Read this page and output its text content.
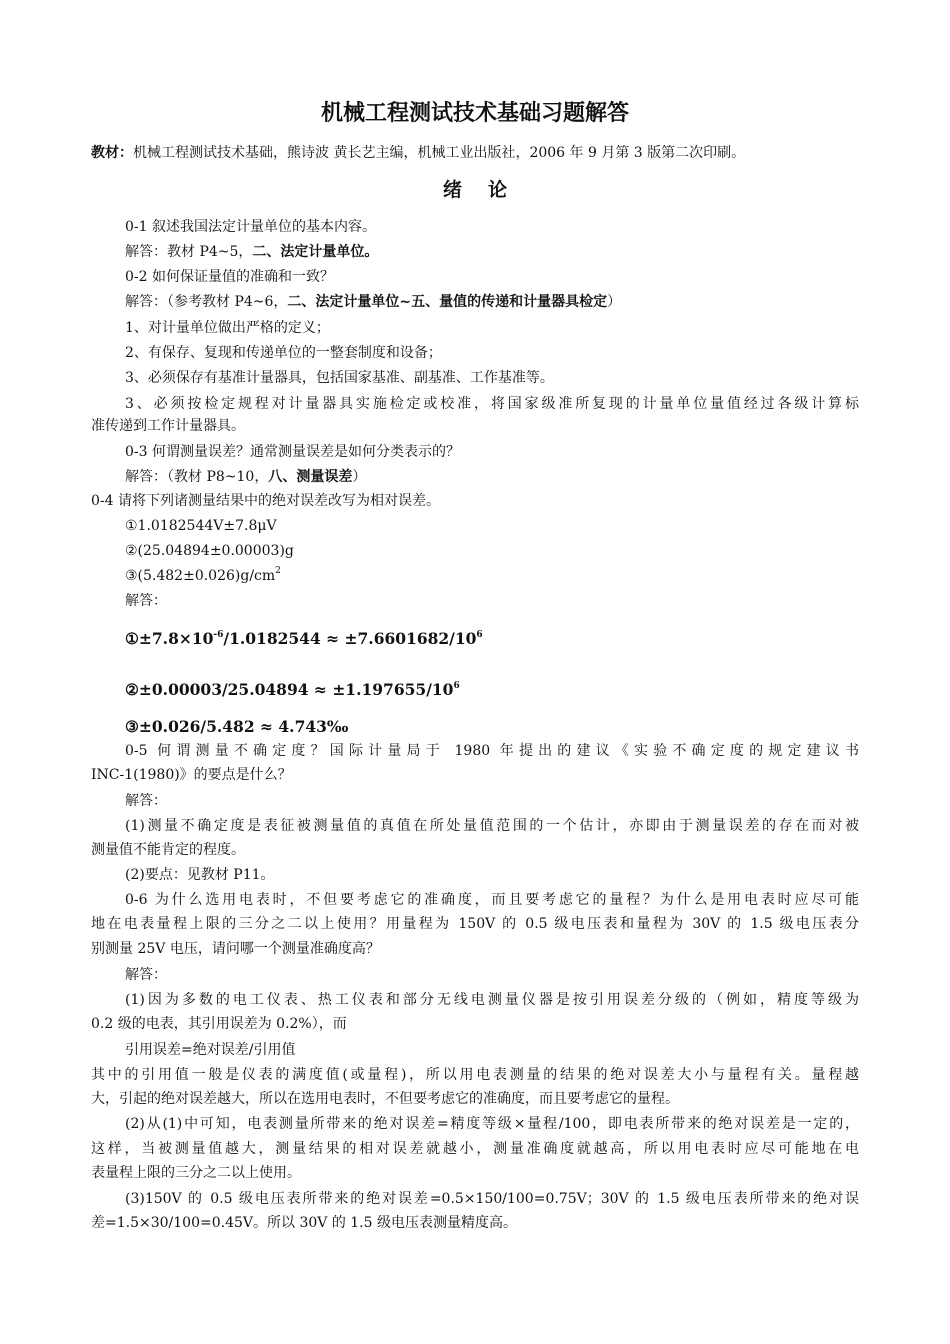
机械工程测试技术基础习题解答
教材：机械工程测试技术基础，熊诗波 黄长艺主编，机械工业出版社，2006 年 9 月第 3 版第二次印刷。
绪论
0-1 叙述我国法定计量单位的基本内容。
解答：教材 P4~5，二、法定计量单位。
0-2 如何保证量值的准确和一致？
解答：（参考教材 P4~6，二、法定计量单位~五、量值的传递和计量器具检定）
1、对计量单位做出严格的定义；
2、有保存、复现和传递单位的一整套制度和设备；
3、必须保存有基准计量器具，包括国家基准、副基准、工作基准等。
3、必须按检定规程对计量器具实施检定或校准，将国家级准所复现的计量单位量值经过各级计算标
准传递到工作计量器具。
0-3 何谓测量误差？通常测量误差是如何分类表示的？
解答：（教材 P8~10，八、测量误差）
0-4 请将下列诸测量结果中的绝对误差改写为相对误差。
①1.0182544V±7.8μV
②(25.04894±0.00003)g
$③(5.482\pm 0.026)g/cm^2$
解答：
$①\pm 7.8\times 10^{-6}/1.0182544 \approx \pm 7.6601682/10^6$
②±0.00003/25.04894 ≈ $\pm 1.197655/10^6$
③±0.026/5.482 ≈ 4.743‰
0-5 何谓测量不确定度？国际计量局于 1980 年提出的建议《实验不确定度的规定建议书
INC-1(1980)》的要点是什么？
解答：
(1)测量不确定度是表征被测量值的真值在所处量值范围的一个估计，亦即由于测量误差的存在而对被
测量值不能肯定的程度。
(2)要点：见教材 P11。
0-6 为什么选用电表时，不但要考虑它的准确度，而且要考虑它的量程？为什么是用电表时应尽可能
地在电表量程上限的三分之二以上使用？用量程为 150V 的 0.5 级电压表和量程为 30V 的 1.5 级电压表分
别测量 25V 电压，请问哪一个测量准确度高？
解答：
(1)因为多数的电工仪表、热工仪表和部分无线电测量仪器是按引用误差分级的（例如，精度等级为
0.2 级的电表，其引用误差为 0.2%），而
引用误差=绝对误差/引用值
其中的引用值一般是仪表的满度值(或量程)，所以用电表测量的结果的绝对误差大小与量程有关。量程越
大，引起的绝对误差越大，所以在选用电表时，不但要考虑它的准确度，而且要考虑它的量程。
(2)从(1)中可知，电表测量所带来的绝对误差=精度等级×量程/100，即电表所带来的绝对误差是一定的，
这样，当被测量值越大，测量结果的相对误差就越小，测量准确度就越高，所以用电表时应尽可能地在电
表量程上限的三分之二以上使用。
(3)150V 的 0.5 级电压表所带来的绝对误差=0.5×150/100=0.75V；30V 的 1.5 级电压表所带来的绝对误
差=1.5×30/100=0.45V。所以 30V 的 1.5 级电压表测量精度高。
